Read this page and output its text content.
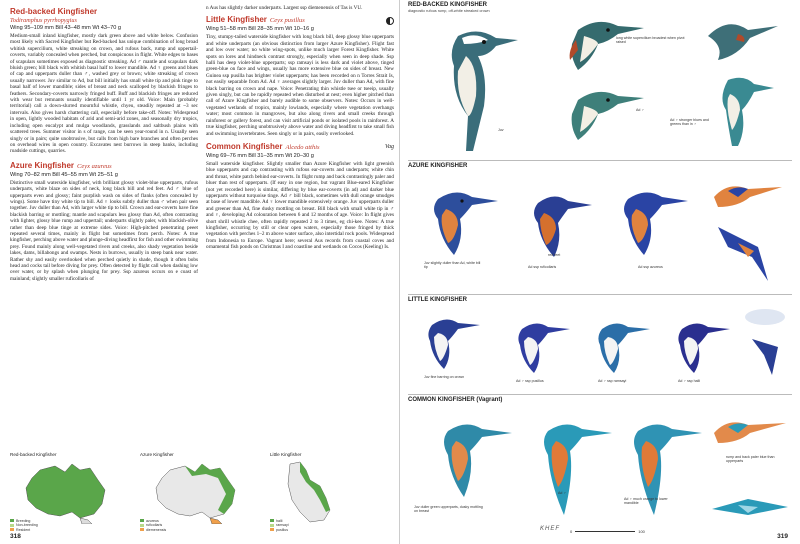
Red-backed Kingfisher
Todiramphus pyrrhopygius
Wing 95–109 mm Bill 43–48 mm Wt 43–70 g
Medium-small inland kingfisher, mostly dark green above and white below. Confusion most likely with Sacred Kingfisher but Red-backed has unique combination of long broad whitish supercilium, white streaking on crown, and rufous back, rump and uppertail-coverts, variably concealed when perched, but conspicuous in flight. White edges to bases of scapulars sometimes exposed as diagnostic streaking. Ad ♂ mantle and scapulars dark bluish green; bill black with whitish basal half to lower mandible. Ad ♀ greens and blues of cap and upperparts duller than ♂, washed grey or brown; white streaking of crown usually narrower. Juv similar to Ad, but bill initially has small white tip and pink tinge to basal half of lower mandible; sides of breast and neck scalloped by blackish fringes to feathers. Secondary-coverts narrowly fringed buff. Buff and blackish fringes are reduced with wear but remnants usually identifiable until 1 yr old. Voice: Main (probably territorial) call a down-slurred mournful whistle, chyeu, steadily repeated at ~3 sec intervals. Also gives harsh chattering call, especially before take-off. Notes: Widespread in open, lightly wooded habitats of arid and semi-arid zones, and seasonally dry tropics, including open eucalypt and mulga woodlands, grasslands and saltbush plains with scattered trees. Summer visitor in s of range, can be seen year-round in n. Usually seen singly or in pairs; quite unobtrusive, but calls from high bare branches and often perches on overhead wires in open country. Excavates nest burrows in steep banks, including roadside cuttings, quarries.
Azure Kingfisher Ceyx azureus
Wing 70–82 mm Bill 45–55 mm Wt 25–51 g
Distinctive small waterside kingfisher, with brilliant glossy violet-blue upperparts, rufous underparts, white blaze on sides of neck, long black bill and red feet. Ad ♂ blue of upperparts even and glossy; faint purplish wash on sides of flanks (often concealed by wings). Some have tiny white tip to bill. Ad ♀ looks subtly duller than ♂ when pair seen together. Juv duller than Ad, with larger white tip to bill. Crown and ear-coverts have fine blackish barring or mottling; mantle and scapulars less glossy than Ad, often contrasting with lighter, glossy blue rump and uppertail; underparts slightly paler, with blackish-olive rather than deep blue tinge at extreme sides. Voice: High-pitched penetrating peeet repeated several times, mainly in flight but sometimes from perch. Notes: A true kingfisher, perching above water and plunge-diving headfirst for fish and other swimming prey. Found mainly along well-vegetated rivers and creeks, also shady vegetation beside lakes, dams, billabongs and swamps. Nests in burrows, usually in steep bank near water. Rather shy and easily overlooked when perched quietly in shade, though it often bobs head and cocks tail before diving for prey. Often detected by flight call when dashing low over water, or by splash when plunging for prey. Ssp azureus occurs on e coast of mainland; slightly smaller ruficollaris of
n Aus has slightly darker underparts. Largest ssp diemenensis of Tas is VU.
Little Kingfisher Ceyx pusillus
Wing 51–58 mm Bill 28–35 mm Wt 10–16 g
Tiny, stumpy-tailed waterside kingfisher with long black bill, deep glossy blue upperparts and white underparts (an obvious distinction from larger Azure Kingfisher). Flight fast and low over water; no white wing-spots, unlike much larger Forest Kingfisher. White spots on lores and hindneck contrast strongly, especially when seen in deep shade. Ssp halli has deep violet-blue upperparts; ssp ramsayi is less dark and violet above, tinged green-blue on face and wings, usually has more extensive blue on sides of breast. New Guinea ssp pusilla has brighter violet upperparts; has been recorded on n Torres Strait Is, not easily separable from Ad. Ad ♀ averages slightly larger. Juv duller than Ad, with fine black barring on crown and nape. Voice: Penetrating thin whistle tsee or tseeip, usually given singly, but can be rapidly repeated when disturbed at nest; even higher pitched than call of Azure Kingfisher and barely audible to some observers. Notes: Occurs in well-vegetated wetlands of tropics, mainly lowlands, especially where vegetation overhangs water; most common in mangroves, but also along rivers and small creeks through rainforest or gallery forest, and can visit artificial ponds or isolated pools in rainforest. A true kingfisher, perching unobtrusively above water and diving headfirst to take small fish and swimming invertebrates. Seen singly or in pairs, easily overlooked.
Common Kingfisher Alcedo atthis	Vag
Wing 69–76 mm Bill 31–35 mm Wt 20–30 g
Small waterside kingfisher. Slightly smaller than Azure Kingfisher with light greenish blue upperparts and cap contrasting with rufous ear-coverts and underparts; white chin and throat, white patch behind ear-coverts. In flight rump and back contrastingly paler and bluer than rest of upperparts. (If easy in one region, but vagrant Blue-eared Kingfisher (not yet recorded here) is similar, differing by blue ear-coverts (in ad) and darker blue upperparts without turquoise tinge. Ad ♂ bill black, sometimes with dull orange smudges at base of lower mandible. Ad ♀ lower mandible extensively orange. Juv upperparts duller and greener than Ad, fine dusky mottling on breast. Bill black with small white tip in ♂ and ♀, developing Ad colouration between 6 and 12 months of age. Voice: In flight gives short shrill whistle chee, often rapidly repeated 2 to 3 times, eg chi-kee. Notes: A true kingfisher, occurring by still or clear open waters, especially those fringed by thick vegetation with perches 1–2 m above water surface, also intertidal rock pools. Widespread from Indonesia to Europe. Vagrant here; several Aus records from coastal coves and ornamental fish ponds on Christmas I and coastline and wetlands on Cocos (Keeling) Is.
Red-backed Kingfisher
Breeding
Non-breeding
Resident
Azure Kingfisher
azureus
ruficollaris
diemenensis
Little Kingfisher
halli
ramsayi
pusillus
318
RED-BACKED KINGFISHER
diagnostic rufous rump, off-white streaked crown
Juv
long white supercilium broadest when pivot raised
Ad ♂
Ad ♀ stronger blues and greens than in ♂
AZURE KINGFISHER
Juv slightly duller than Ad, white bill tip
red feet
Ad ssp ruficollaris	Ad ssp azureus
LITTLE KINGFISHER
Juv fine barring on crown
Ad ♂ ssp pusillus	Ad ♂ ssp ramsayi	Ad ♂ ssp halli
COMMON KINGFISHER (Vagrant)
Juv duller green upperparts, dusky mottling on breast
Ad ♂
Ad ♀ much orange to lower mandible
rump and back paler blue than upperparts
KHEF 0	100
319
